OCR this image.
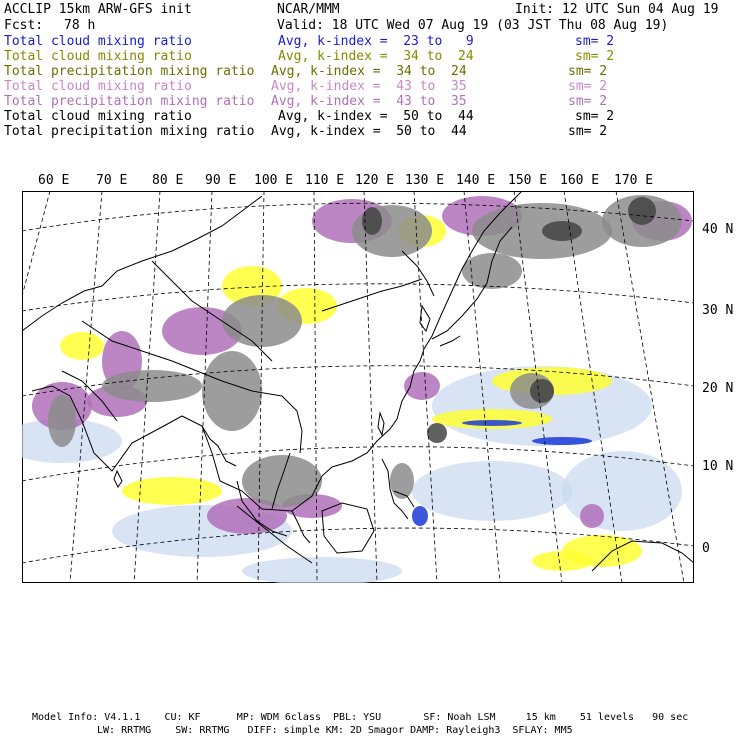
ACCLIP 15km ARW-GFS init	NCAR/MMM	Init: 12 UTC Sun 04 Aug 19
Fcst: 78 h	Valid: 18 UTC Wed 07 Aug 19 (03 JST Thu 08 Aug 19)
Total cloud mixing ratio	Avg, k-index =  23 to   9	sm= 2
Total cloud mixing ratio	Avg, k-index =  34 to  24	sm= 2
Total precipitation mixing ratio Avg, k-index =  34 to  24	sm= 2
Total cloud mixing ratio	Avg, k-index =  43 to  35	sm= 2
Total precipitation mixing ratio Avg, k-index =  43 to  35	sm= 2
Total cloud mixing ratio	Avg, k-index =  50 to  44	sm= 2
Total precipitation mixing ratio Avg, k-index =  50 to  44	sm= 2
60 E 70 E 80 E 90 E 100 E 110 E 120 E 130 E 140 E 150 E 160 E 170 E
40 N
30 N
20 N
10 N
0
Model Info: V4.1.1    CU: KF      MP: WDM 6class  PBL: YSU       SF: Noah LSM     15 km    51 levels   90 sec
LW: RRTMG    SW: RRTMG   DIFF: simple KM: 2D Smagor DAMP: Rayleigh3  SFLAY: MM5
